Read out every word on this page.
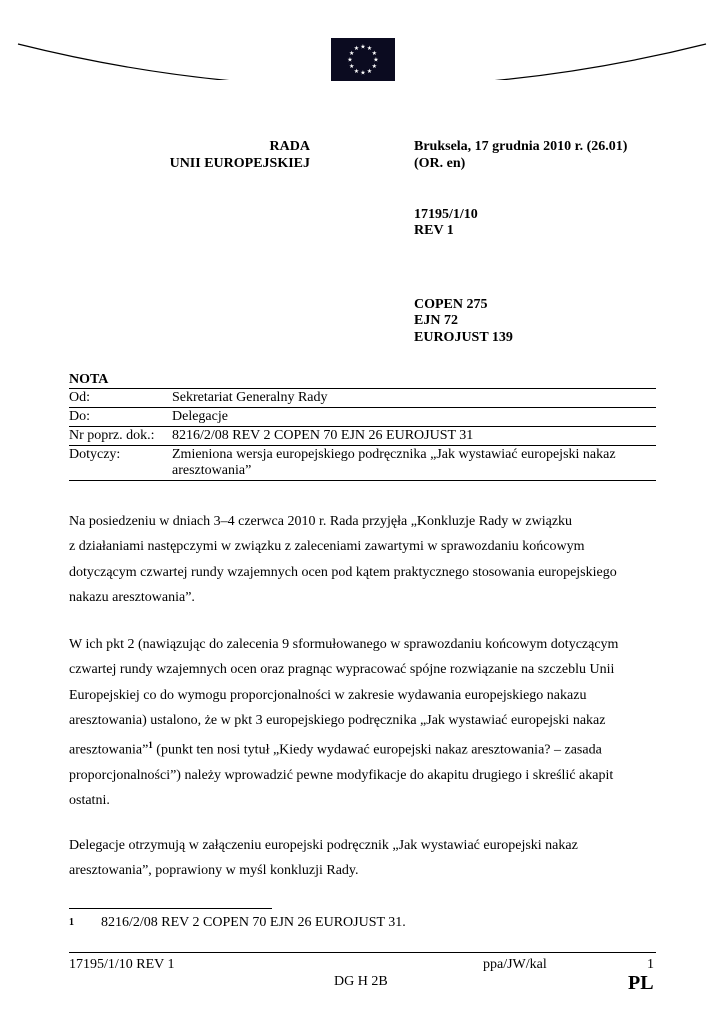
★ ★
★
★
★
★
★
★
★
★
★
★
RADA
UNII EUROPEJSKIEJ
Bruksela, 17 grudnia 2010 r. (26.01)
(OR. en)
17195/1/10
REV 1
COPEN 275
EJN 72
EUROJUST 139
NOTA
Od:	Sekretariat Generalny Rady
Do:	Delegacje
Nr poprz. dok.:	8216/2/08 REV 2 COPEN 70 EJN 26 EUROJUST 31
Dotyczy:	Zmieniona wersja europejskiego podręcznika „Jak wystawiać europejski nakaz aresztowania”

Na posiedzeniu w dniach 3–4 czerwca 2010 r. Rada przyjęła „Konkluzje Rady w związku

z działaniami następczymi w związku z zaleceniami zawartymi w sprawozdaniu końcowym

dotyczącym czwartej rundy wzajemnych ocen pod kątem praktycznego stosowania europejskiego

nakazu aresztowania”.

W ich pkt 2 (nawiązując do zalecenia 9 sformułowanego w sprawozdaniu końcowym dotyczącym

czwartej rundy wzajemnych ocen oraz pragnąc wypracować spójne rozwiązanie na szczeblu Unii

Europejskiej co do wymogu proporcjonalności w zakresie wydawania europejskiego nakazu

aresztowania) ustalono, że w pkt 3 europejskiego podręcznika „Jak wystawiać europejski nakaz

aresztowania”$^1$ (punkt ten nosi tytuł „Kiedy wydawać europejski nakaz aresztowania? – zasada

proporcjonalności”) należy wprowadzić pewne modyfikacje do akapitu drugiego i skreślić akapit

ostatni.

Delegacje otrzymują w załączeniu europejski podręcznik „Jak wystawiać europejski nakaz

aresztowania”, poprawiony w myśl konkluzji Rady.

1 8216/2/08 REV 2 COPEN 70 EJN 26 EUROJUST 31.
17195/1/10 REV 1	ppa/JW/kal	1
DG H 2B	PL
